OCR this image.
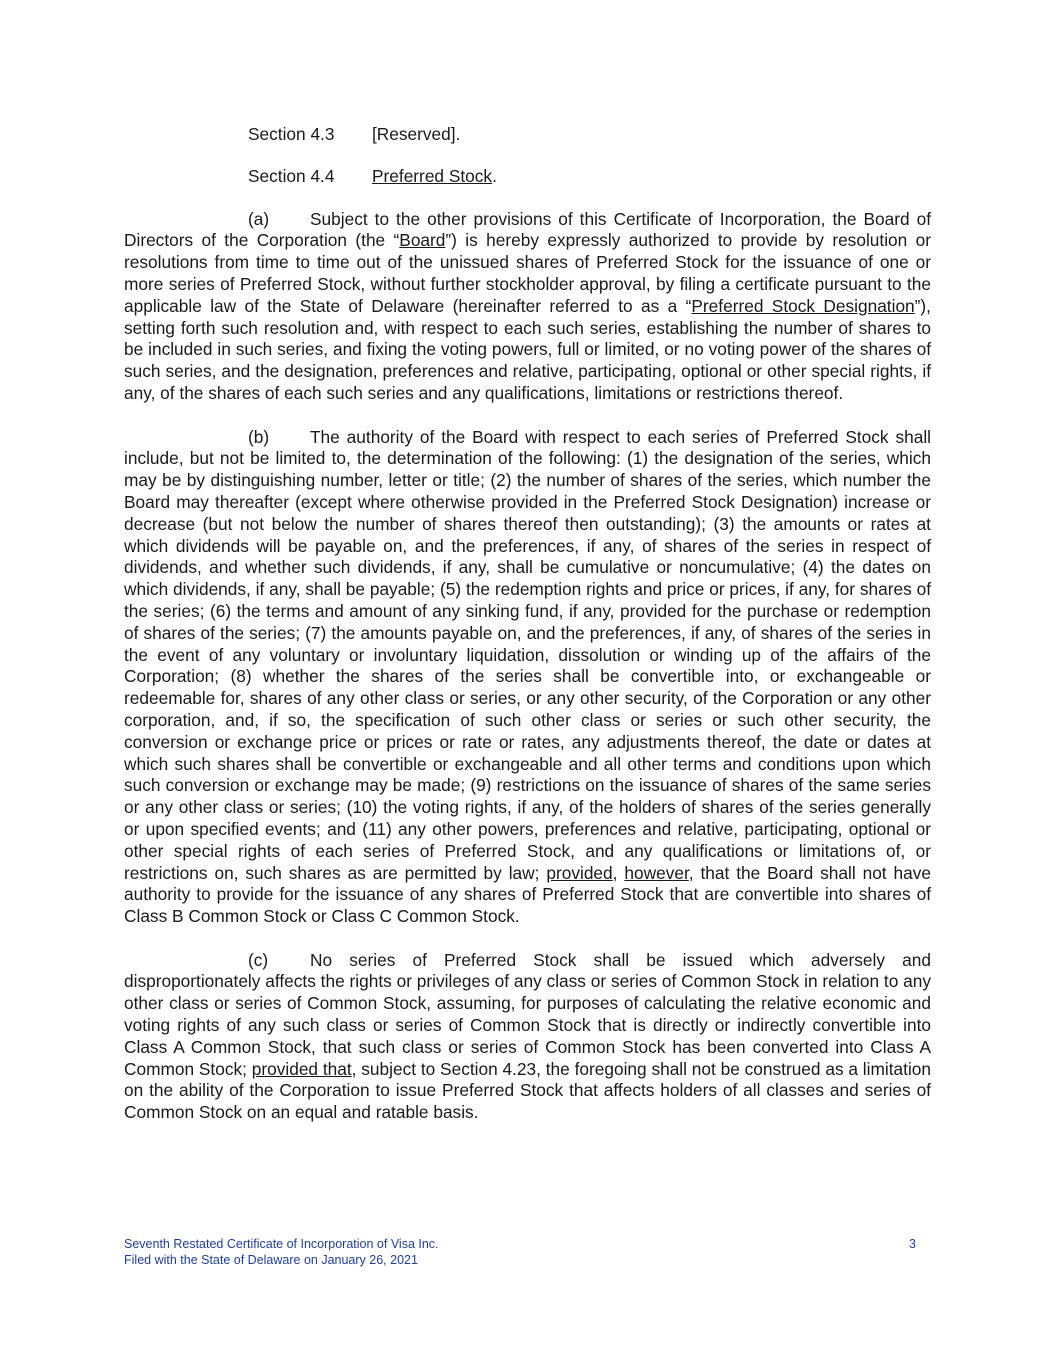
Section 4.3 [Reserved].
Section 4.4 Preferred Stock.

(a) Subject to the other provisions of this Certificate of Incorporation, the Board of Directors of the Corporation (the “Board”) is hereby expressly authorized to provide by resolution or resolutions from time to time out of the unissued shares of Preferred Stock for the issuance of one or more series of Preferred Stock, without further stockholder approval, by filing a certificate pursuant to the applicable law of the State of Delaware (hereinafter referred to as a “Preferred Stock Designation”), setting forth such resolution and, with respect to each such series, establishing the number of shares to be included in such series, and fixing the voting powers, full or limited, or no voting power of the shares of such series, and the designation, preferences and relative, participating, optional or other special rights, if any, of the shares of each such series and any qualifications, limitations or restrictions thereof.

(b) The authority of the Board with respect to each series of Preferred Stock shall include, but not be limited to, the determination of the following: (1) the designation of the series, which may be by distinguishing number, letter or title; (2) the number of shares of the series, which number the Board may thereafter (except where otherwise provided in the Preferred Stock Designation) increase or decrease (but not below the number of shares thereof then outstanding); (3) the amounts or rates at which dividends will be payable on, and the preferences, if any, of shares of the series in respect of dividends, and whether such dividends, if any, shall be cumulative or noncumulative; (4) the dates on which dividends, if any, shall be payable; (5) the redemption rights and price or prices, if any, for shares of the series; (6) the terms and amount of any sinking fund, if any, provided for the purchase or redemption of shares of the series; (7) the amounts payable on, and the preferences, if any, of shares of the series in the event of any voluntary or involuntary liquidation, dissolution or winding up of the affairs of the Corporation; (8) whether the shares of the series shall be convertible into, or exchangeable or redeemable for, shares of any other class or series, or any other security, of the Corporation or any other corporation, and, if so, the specification of such other class or series or such other security, the conversion or exchange price or prices or rate or rates, any adjustments thereof, the date or dates at which such shares shall be convertible or exchangeable and all other terms and conditions upon which such conversion or exchange may be made; (9) restrictions on the issuance of shares of the same series or any other class or series; (10) the voting rights, if any, of the holders of shares of the series generally or upon specified events; and (11) any other powers, preferences and relative, participating, optional or other special rights of each series of Preferred Stock, and any qualifications or limitations of, or restrictions on, such shares as are permitted by law; provided, however, that the Board shall not have authority to provide for the issuance of any shares of Preferred Stock that are convertible into shares of Class B Common Stock or Class C Common Stock.

(c) No series of Preferred Stock shall be issued which adversely and disproportionately affects the rights or privileges of any class or series of Common Stock in relation to any other class or series of Common Stock, assuming, for purposes of calculating the relative economic and voting rights of any such class or series of Common Stock that is directly or indirectly convertible into Class A Common Stock, that such class or series of Common Stock has been converted into Class A Common Stock; provided that, subject to Section 4.23, the foregoing shall not be construed as a limitation on the ability of the Corporation to issue Preferred Stock that affects holders of all classes and series of Common Stock on an equal and ratable basis.

Seventh Restated Certificate of Incorporation of Visa Inc.
Filed with the State of Delaware on January 26, 2021
3
